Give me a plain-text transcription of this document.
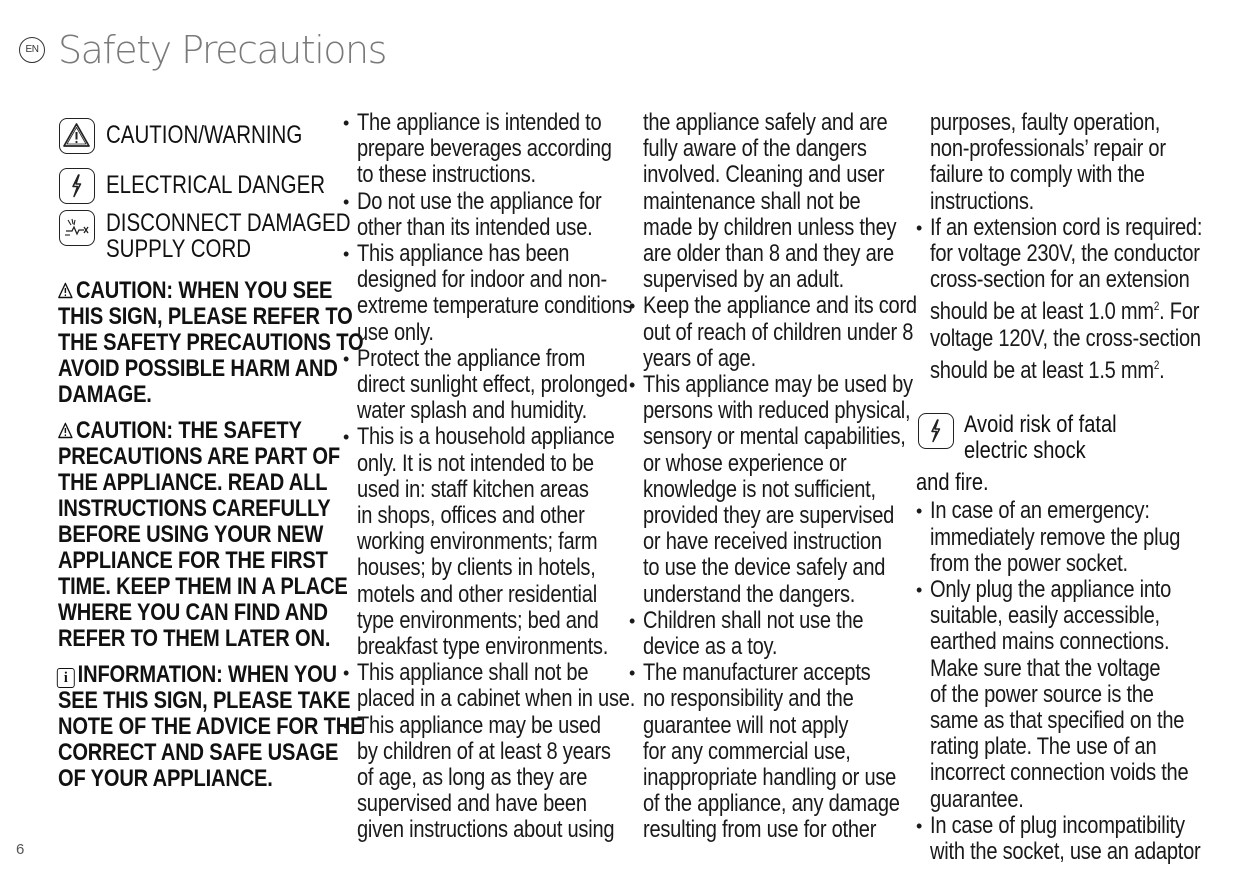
EN Safety Precautions
CAUTION/WARNING
ELECTRICAL DANGER
DISCONNECT DAMAGED
SUPPLY CORD
CAUTION: WHEN YOU SEE
THIS SIGN, PLEASE REFER TO
THE SAFETY PRECAUTIONS TO
AVOID POSSIBLE HARM AND
DAMAGE.
CAUTION: THE SAFETY
PRECAUTIONS ARE PART OF
THE APPLIANCE. READ ALL
INSTRUCTIONS CAREFULLY
BEFORE USING YOUR NEW
APPLIANCE FOR THE FIRST
TIME. KEEP THEM IN A PLACE
WHERE YOU CAN FIND AND
REFER TO THEM LATER ON.
i INFORMATION: WHEN YOU
SEE THIS SIGN, PLEASE TAKE
NOTE OF THE ADVICE FOR THE
CORRECT AND SAFE USAGE
OF YOUR APPLIANCE.
• The appliance is intended to
prepare beverages according
to these instructions.
• Do not use the appliance for
other than its intended use.
• This appliance has been
designed for indoor and non-
extreme temperature conditions
use only.
• Protect the appliance from
direct sunlight effect, prolonged
water splash and humidity.
• This is a household appliance
only. It is not intended to be
used in: staff kitchen areas
in shops, offices and other
working environments; farm
houses; by clients in hotels,
motels and other residential
type environments; bed and
breakfast type environments.
• This appliance shall not be
placed in a cabinet when in use.
• This appliance may be used
by children of at least 8 years
of age, as long as they are
supervised and have been
given instructions about using
the appliance safely and are
fully aware of the dangers
involved. Cleaning and user
maintenance shall not be
made by children unless they
are older than 8 and they are
supervised by an adult.
• Keep the appliance and its cord
out of reach of children under 8
years of age.
• This appliance may be used by
persons with reduced physical,
sensory or mental capabilities,
or whose experience or
knowledge is not sufficient,
provided they are supervised
or have received instruction
to use the device safely and
understand the dangers.
• Children shall not use the
device as a toy.
• The manufacturer accepts
no responsibility and the
guarantee will not apply
for any commercial use,
inappropriate handling or use
of the appliance, any damage
resulting from use for other
purposes, faulty operation,
non-professionals’ repair or
failure to comply with the
instructions.
• If an extension cord is required:
for voltage 230V, the conductor
cross-section for an extension
should be at least 1.0 $mm^2$. For
voltage 120V, the cross-section
should be at least 1.5 $mm^2$.
Avoid risk of fatal
electric shock
and fire.
• In case of an emergency:
immediately remove the plug
from the power socket.
• Only plug the appliance into
suitable, easily accessible,
earthed mains connections.
Make sure that the voltage
of the power source is the
same as that specified on the
rating plate. The use of an
incorrect connection voids the
guarantee.
• In case of plug incompatibility
with the socket, use an adaptor
6
